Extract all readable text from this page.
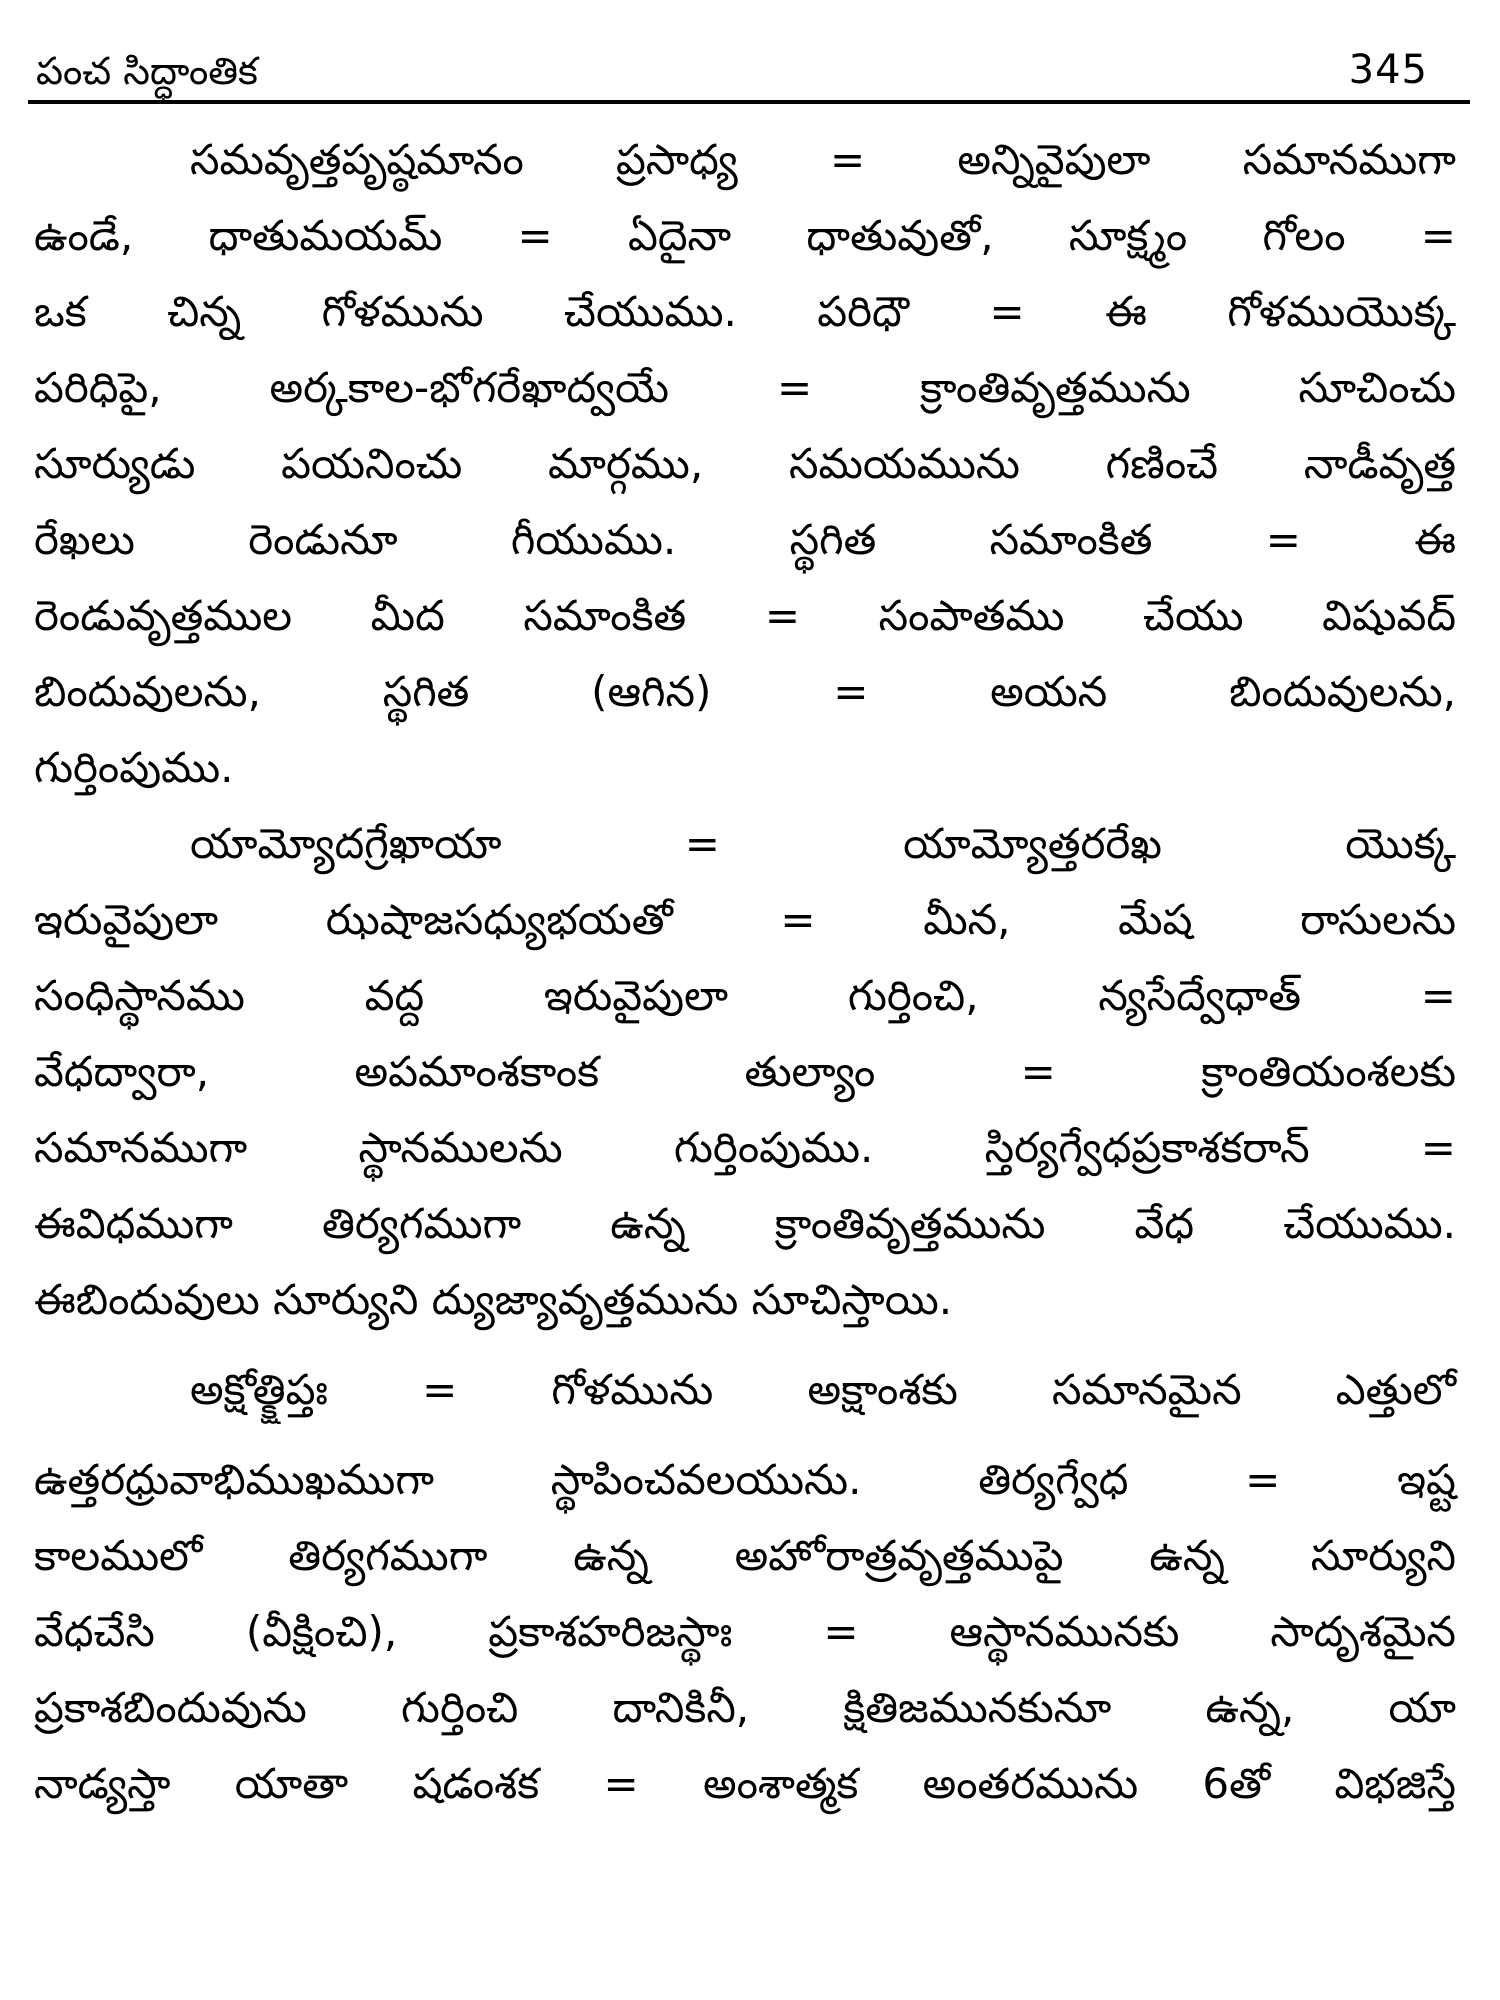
పంచ సిద్ధాంతిక	345
సమవృత్తపృష్ఠమానం ప్రసాధ్య = అన్నివైపులా సమానముగా
ఉండే, ధాతుమయమ్ = ఏదైనా ధాతువుతో, సూక్ష్మం గోలం =
ఒక చిన్న గోళమును చేయుము. పరిధౌ = ఈ గోళముయొక్క
పరిధిపై, అర్కకాల-భోగరేఖాద్వయే = క్రాంతివృత్తమును సూచించు
సూర్యుడు పయనించు మార్గము, సమయమును గణించే నాడీవృత్త
రేఖలు రెండునూ గీయుము. స్థగిత సమాంకిత = ఈ
రెండువృత్తముల మీద సమాంకిత = సంపాతము చేయు విషువద్
బిందువులను, స్థగిత (ఆగిన) = అయన బిందువులను,
గుర్తింపుము.
యామ్యోదగ్రేఖాయా = యామ్యోత్తరరేఖ యొక్క
ఇరువైపులా ఝషాజసధ్యుభయతో = మీన, మేష రాసులను
సంధిస్థానము వద్ద ఇరువైపులా గుర్తించి, న్యసేద్వేధాత్ =
వేధద్వారా, అపమాంశకాంక తుల్యాం = క్రాంతియంశలకు
సమానముగా స్థానములను గుర్తింపుము. స్తిర్యగ్వేధప్రకాశకరాన్ =
ఈవిధముగా తిర్యగముగా ఉన్న క్రాంతివృత్తమును వేధ చేయుము.
ఈబిందువులు సూర్యుని ద్యుజ్యావృత్తమును సూచిస్తాయి.
అక్షోత్క్షిప్తః = గోళమును అక్షాంశకు సమానమైన ఎత్తులో
ఉత్తరధ్రువాభిముఖముగా స్థాపించవలయును. తిర్యగ్వేధ = ఇష్ట
కాలములో తిర్యగముగా ఉన్న అహోరాత్రవృత్తముపై ఉన్న సూర్యుని
వేధచేసి (వీక్షించి), ప్రకాశహరిజస్థాః = ఆస్థానమునకు సాదృశమైన
ప్రకాశబిందువును గుర్తించి దానికినీ, క్షితిజమునకునూ ఉన్న, యా
నాడ్యస్తా యాతా షడంశక = అంశాత్మక అంతరమును 6తో విభజిస్తే
